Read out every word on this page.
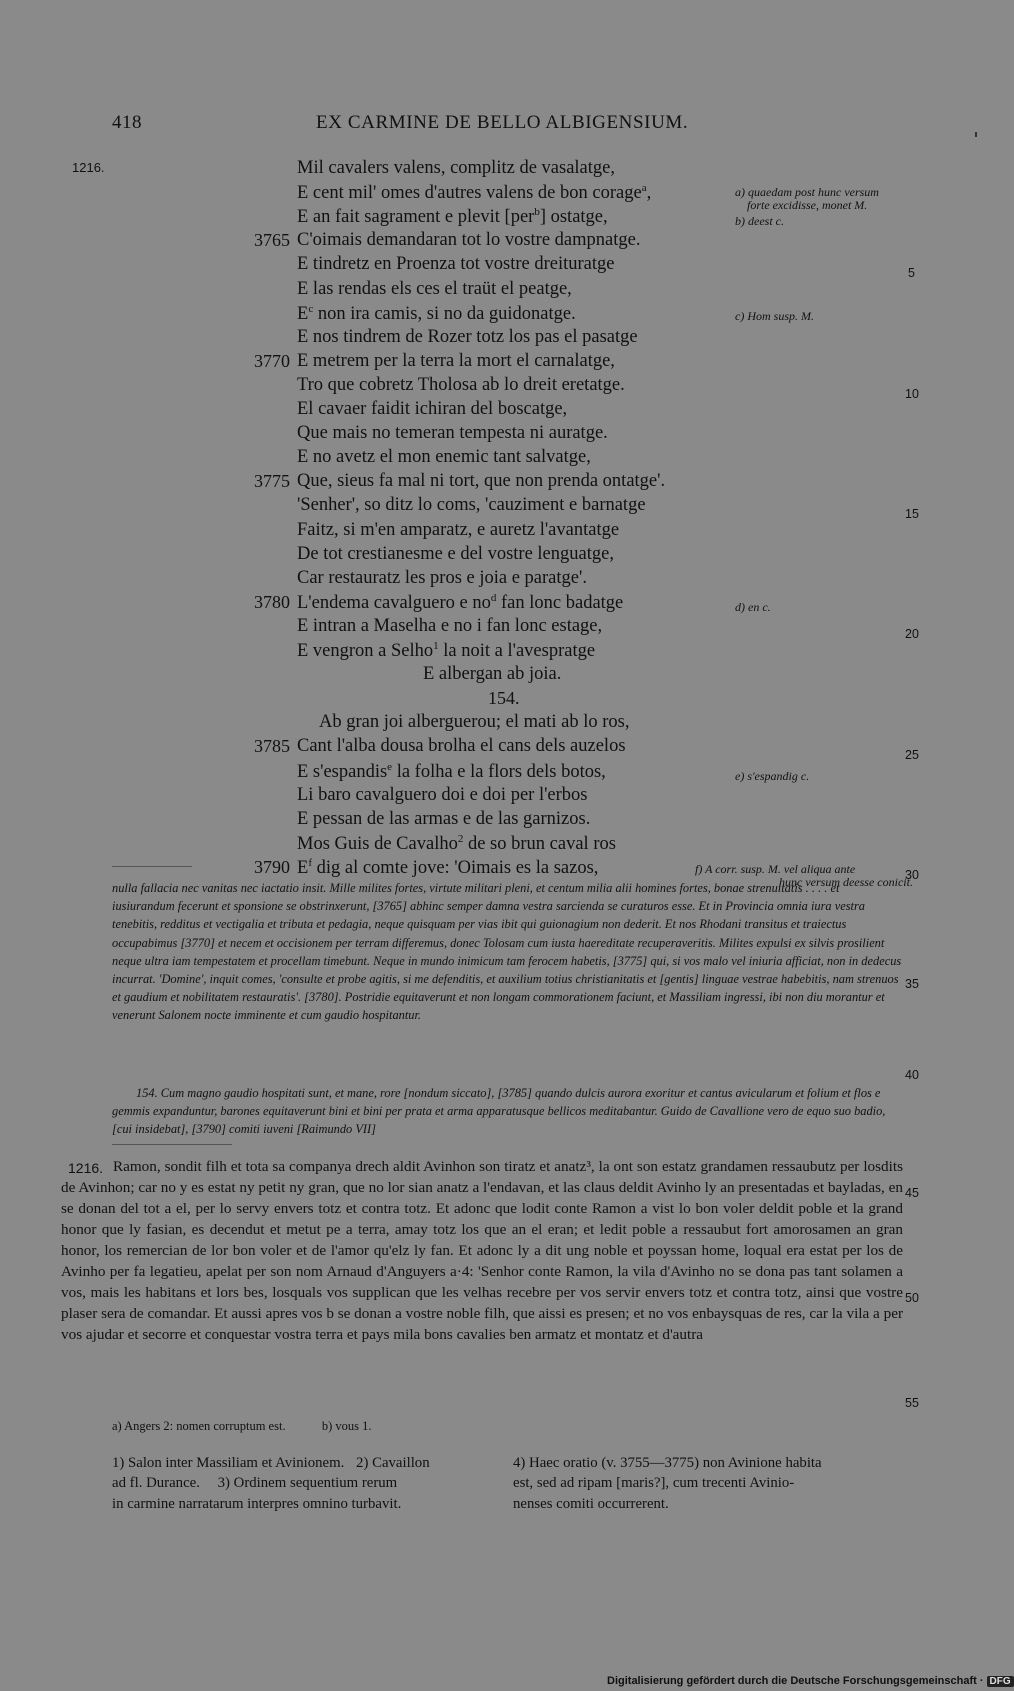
418	EX CARMINE DE BELLO ALBIGENSIUM.
1216.	Mil cavalers valens, complitz de vasalatge,
E cent mil' omes d'autres valens de bon corage$^a$,
E an fait sagrament e plevit [per$^b$] ostatge,
3765 C'oimais demandaran tot lo vostre dampnatge.
E tindretz en Proenza tot vostre dreituratge
E las rendas els ces el traüt el peatge,
$E^c$ non ira camis, si no da guidonatge.
E nos tindrem de Rozer totz los pas el pasatge
3770 E metrem per la terra la mort el carnalatge,
Tro que cobretz Tholosa ab lo dreit eretatge.
El cavaer faidit ichiran del boscatge,
Que mais no temeran tempesta ni auratge.
E no avetz el mon enemic tant salvatge,
3775 Que, sieus fa mal ni tort, que non prenda ontatge'.
'Senher', so ditz lo coms, 'cauziment e barnatge
Faitz, si m'en amparatz, e auretz l'avantatge
De tot crestianesme e del vostre lenguatge,
Car restauratz les pros e joia e paratge'.
3780 L'endema cavalguero e $no^d$ fan lonc badatge
E intran a Maselha e no i fan lonc estage,
E vengron a Selho$^1$ la noit a l'avespratge
E albergan ab joia.
154.
Ab gran joi alberguerou; el mati ab lo ros,
3785 Cant l'alba dousa brolha el cans dels auzelos
E s'espandis$^e$ la folha e la flors dels botos,
Li baro cavalguero doi e doi per l'erbos
E pessan de las armas e de las garnizos.
Mos Guis de Cavalho$^2$ de so brun caval ros
3790 $E^f$ dig al comte jove: 'Oimais es la sazos,
a) quaedam post hunc versum
forte excidisse, monet M.
b) deest c.
c) Hom susp. M.
d) en c.
e) s'espandig c.
f) A corr. susp. M. vel aliqua ante
hunc versum deesse conicit.
5
10
15
20
25
30
35
40
45
50
55

nulla fallacia nec vanitas nec iactatio insit. Mille milites fortes, virtute militari pleni, et centum milia alii homines fortes, bonae strenuitatis . . . . et iusiurandum fecerunt et sponsione se obstrinxerunt, [3765] abhinc semper damna vestra sarcienda se curaturos esse. Et in Provincia omnia iura vestra tenebitis, redditus et vectigalia et tributa et pedagia, neque quisquam per vias ibit qui guionagium non dederit. Et nos Rhodani transitus et traiectus occupabimus [3770] et necem et occisionem per terram differemus, donec Tolosam cum iusta haereditate recuperaveritis. Milites expulsi ex silvis prosilient neque ultra iam tempestatem et procellam timebunt. Neque in mundo inimicum tam ferocem habetis, [3775] qui, si vos malo vel iniuria afficiat, non in dedecus incurrat. 'Domine', inquit comes, 'consulte et probe agitis, si me defenditis, et auxilium totius christianitatis et [gentis] linguae vestrae habebitis, nam strenuos et gaudium et nobilitatem restauratis'. [3780]. Postridie equitaverunt et non longam commorationem faciunt, et Massiliam ingressi, ibi non diu morantur et venerunt Salonem nocte imminente et cum gaudio hospitantur.

154. Cum magno gaudio hospitati sunt, et mane, rore [nondum siccato], [3785] quando dulcis aurora exoritur et cantus avicularum et folium et flos e gemmis expanduntur, barones equitaverunt bini et bini per prata et arma apparatusque bellicos meditabantur. Guido de Cavallione vero de equo suo badio, [cui insidebat], [3790] comiti iuveni [Raimundo VII]

1216. Ramon, sondit filh et tota sa companya drech aldit Avinhon son tiratz et anatz³, la ont son estatz grandamen ressaubutz per losdits de Avinhon; car no y es estat ny petit ny gran, que no lor sian anatz a l'endavan, et las claus deldit Avinho ly an presentadas et bayladas, en se donan del tot a el, per lo servy envers totz et contra totz. Et adonc que lodit conte Ramon a vist lo bon voler deldit poble et la grand honor que ly fasian, es decendut et metut pe a terra, amay totz los que an el eran; et ledit poble a ressaubut fort amorosamen an gran honor, los remercian de lor bon voler et de l'amor qu'elz ly fan. Et adonc ly a dit ung noble et poyssan home, loqual era estat per los de Avinho per fa legatieu, apelat per son nom Arnaud d'Anguyers a·4: 'Senhor conte Ramon, la vila d'Avinho no se dona pas tant solamen a vos, mais les habitans et lors bes, losquals vos supplican que les velhas recebre per vos servir envers totz et contra totz, ainsi que vostre plaser sera de comandar. Et aussi apres vos b se donan a vostre noble filh, que aissi es presen; et no vos enbaysquas de res, car la vila a per vos ajudar et secorre et conquestar vostra terra et pays mila bons cavalies ben armatz et montatz et d'autra

a) Angers 2: nomen corruptum est.	b) vous 1.

1) Salon inter Massiliam et Avinionem. 2) Cavaillon

ad fl. Durance. 3) Ordinem sequentium rerum

in carmine narratarum interpres omnino turbavit.

4) Haec oratio (v. 3755—3775) non Avinione habita

est, sed ad ripam [maris?], cum trecenti Avinio-

nenses comiti occurrerent.

Digitalisierung gefördert durch die Deutsche Forschungsgemeinschaft · DFG
